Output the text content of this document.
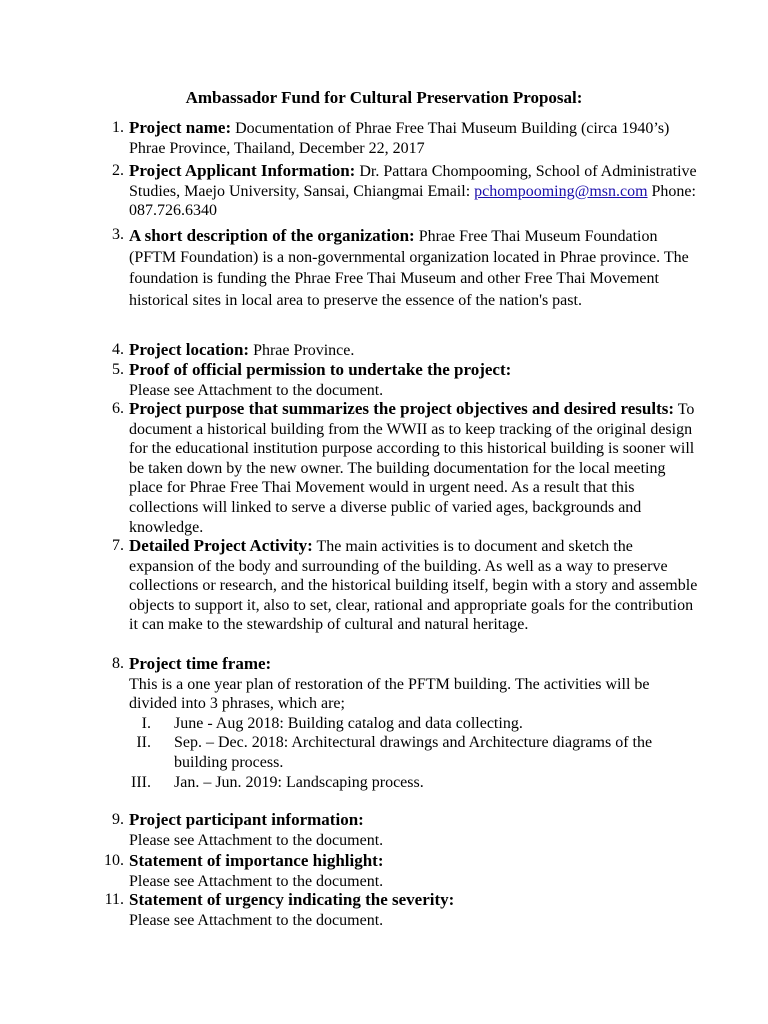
Ambassador Fund for Cultural Preservation Proposal:
1. Project name: Documentation of Phrae Free Thai Museum Building (circa 1940’s) Phrae Province, Thailand, December 22, 2017
2. Project Applicant Information: Dr. Pattara Chompooming, School of Administrative Studies, Maejo University, Sansai, Chiangmai Email: pchompooming@msn.com Phone: 087.726.6340
3. A short description of the organization: Phrae Free Thai Museum Foundation (PFTM Foundation) is a non-governmental organization located in Phrae province. The foundation is funding the Phrae Free Thai Museum and other Free Thai Movement historical sites in local area to preserve the essence of the nation's past.
4. Project location: Phrae Province.
5. Proof of official permission to undertake the project:
Please see Attachment to the document.
6. Project purpose that summarizes the project objectives and desired results: To document a historical building from the WWII as to keep tracking of the original design for the educational institution purpose according to this historical building is sooner will be taken down by the new owner. The building documentation for the local meeting place for Phrae Free Thai Movement would in urgent need. As a result that this collections will linked to serve a diverse public of varied ages, backgrounds and knowledge.
7. Detailed Project Activity: The main activities is to document and sketch the expansion of the body and surrounding of the building. As well as a way to preserve collections or research, and the historical building itself, begin with a story and assemble objects to support it, also to set, clear, rational and appropriate goals for the contribution it can make to the stewardship of cultural and natural heritage.
8. Project time frame:
This is a one year plan of restoration of the PFTM building. The activities will be divided into 3 phrases, which are;
I. June - Aug 2018: Building catalog and data collecting.
II. Sep. – Dec. 2018: Architectural drawings and Architecture diagrams of the building process.
III. Jan. – Jun. 2019: Landscaping process.
9. Project participant information:
Please see Attachment to the document.
10. Statement of importance highlight:
Please see Attachment to the document.
11. Statement of urgency indicating the severity:
Please see Attachment to the document.
